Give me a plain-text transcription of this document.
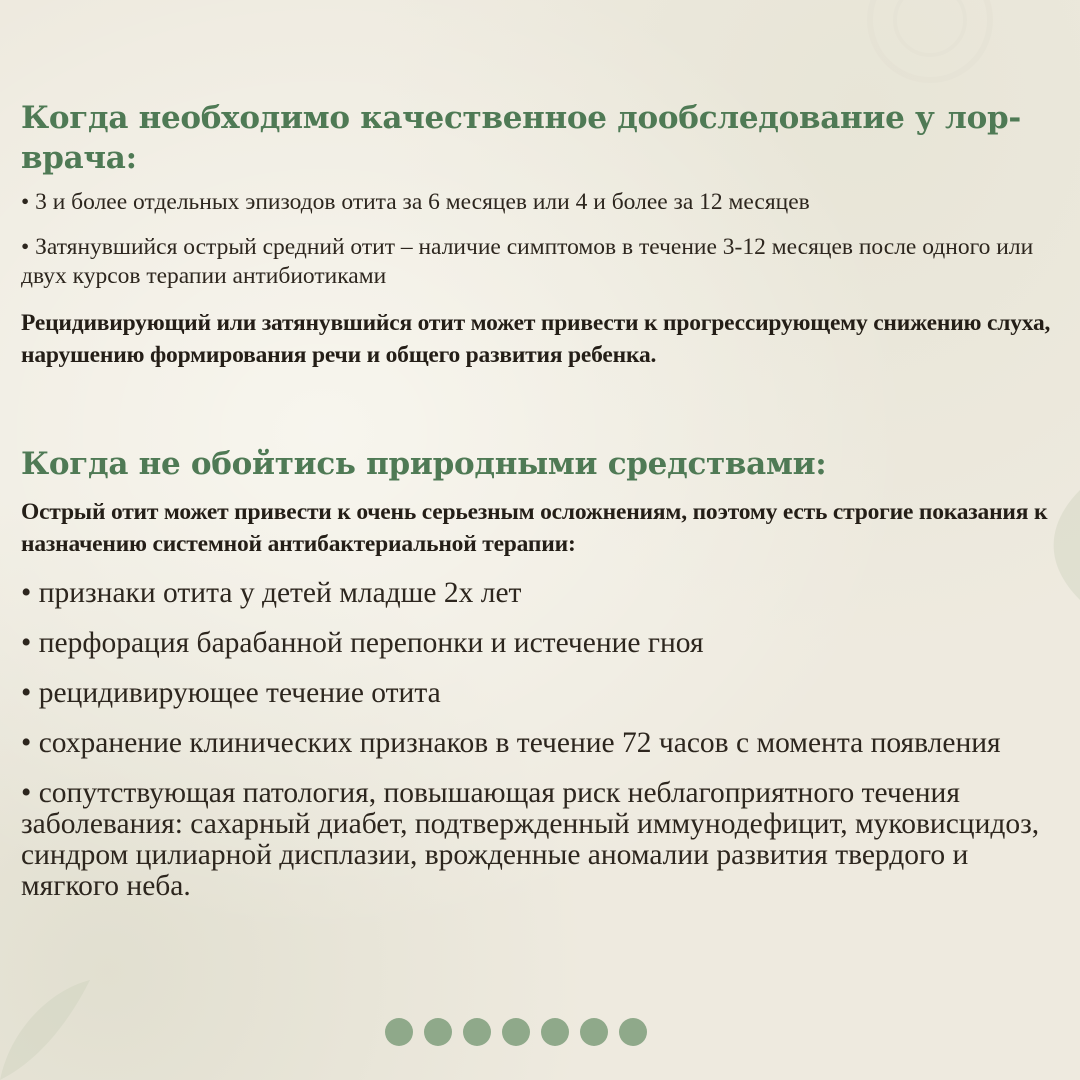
Когда необходимо качественное дообследование у лор-врача:

• 3 и более отдельных эпизодов отита за 6 месяцев или 4 и более за 12 месяцев

• Затянувшийся острый средний отит – наличие симптомов в течение 3-12 месяцев после одного или двух курсов терапии антибиотиками

Рецидивирующий или затянувшийся отит может привести к прогрессирующему снижению слуха, нарушению формирования речи и общего развития ребенка.

Когда не обойтись природными средствами:

Острый отит может привести к очень серьезным осложнениям, поэтому есть строгие показания к назначению системной антибактериальной терапии:

• признаки отита у детей младше 2х лет

• перфорация барабанной перепонки и истечение гноя

• рецидивирующее течение отита

• сохранение клинических признаков в течение 72 часов с момента появления

• сопутствующая патология, повышающая риск неблагоприятного течения заболевания: сахарный диабет, подтвержденный иммунодефицит, муковисцидоз, синдром цилиарной дисплазии, врожденные аномалии развития твердого и мягкого неба.
